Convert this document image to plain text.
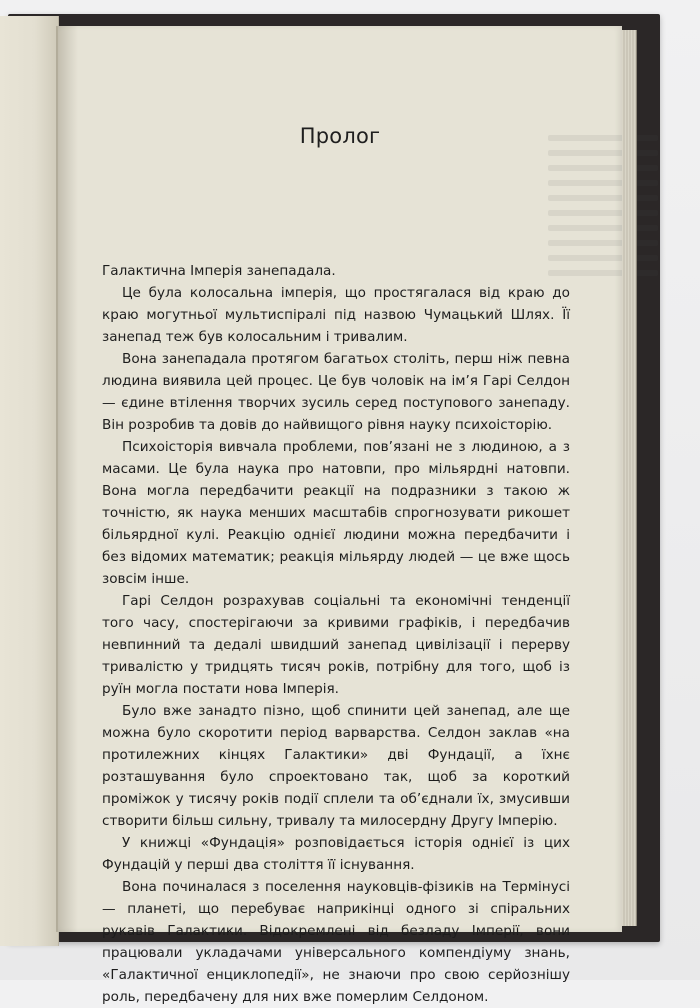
Пролог

Галактична Імперія занепадала.

Це була колосальна імперія, що простягалася від краю до краю могутньої мультиспіралі під назвою Чумацький Шлях. Її занепад теж був колосальним і тривалим.

Вона занепадала протягом багатьох століть, перш ніж певна людина виявила цей процес. Це був чоловік на ім’я Гарі Селдон — єдине втілення творчих зусиль серед поступового занепаду. Він розробив та довів до найвищого рівня науку психоісторію.

Психоісторія вивчала проблеми, пов’язані не з людиною, а з масами. Це була наука про натовпи, про мільярдні натовпи. Вона могла передбачити реакції на подразники з такою ж точністю, як наука менших масштабів спрогнозувати рикошет більярдної кулі. Реакцію однієї людини можна передбачити і без відомих математик; реакція мільярду людей — це вже щось зовсім інше.

Гарі Селдон розрахував соціальні та економічні тенденції того часу, спостерігаючи за кривими графіків, і передбачив невпинний та дедалі швидший занепад цивілізації і перерву тривалістю у тридцять тисяч років, потрібну для того, щоб із руїн могла постати нова Імперія.

Було вже занадто пізно, щоб спинити цей занепад, але ще можна було скоротити період варварства. Селдон заклав «на протилежних кінцях Галактики» дві Фундації, а їхнє розташування було спроектовано так, щоб за короткий проміжок у тисячу років події сплели та об’єднали їх, змусивши створити більш сильну, тривалу та милосердну Другу Імперію.

У книжці «Фундація» розповідається історія однієї із цих Фундацій у перші два століття її існування.

Вона починалася з поселення науковців-фізиків на Термінусі — планеті, що перебуває наприкінці одного зі спіральних рукавів Галактики. Відокремлені від безладу Імперії, вони працювали укладачами універсального компендіуму знань, «Галактичної енциклопедії», не знаючи про свою серйознішу роль, передбачену для них вже померлим Селдоном.
